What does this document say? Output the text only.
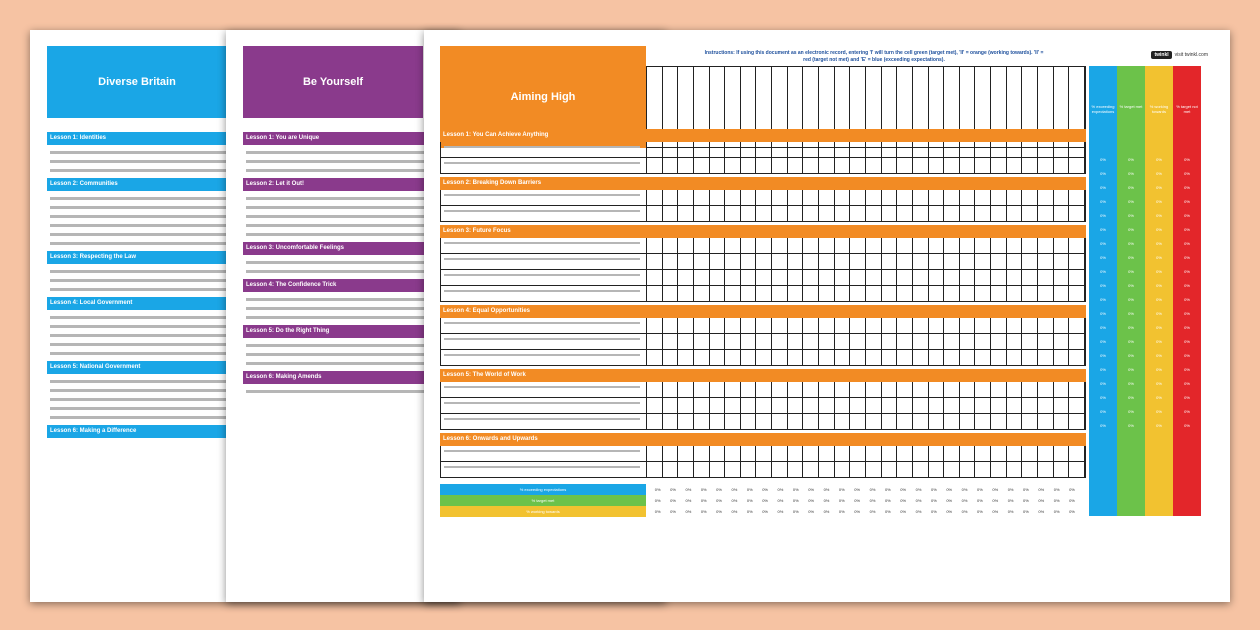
Diverse Britain
Lesson 1: Identities
Lesson 2: Communities
Lesson 3: Respecting the Law
Lesson 4: Local Government
Lesson 5: National Government
Lesson 6: Making a Difference
Be Yourself
Lesson 1: You are Unique
Lesson 2: Let it Out!
Lesson 3: Uncomfortable Feelings
Lesson 4: The Confidence Trick
Lesson 5: Do the Right Thing
Lesson 6: Making Amends
Aiming High
Instructions: If using this document as an electronic record, entering 'I' will turn the cell green (target met), 'II' = orange (working towards). 'II' = red (target not met) and 'E' = blue (exceeding expectations).
twinkl visit twinkl.com
% exceeding expectations
0%
0%
0%
0%
0%
0%
0%
0%
0%
0%
0%
0%
0%
0%
0%
0%
0%
0%
0%
0%
% target met
0%
0%
0%
0%
0%
0%
0%
0%
0%
0%
0%
0%
0%
0%
0%
0%
0%
0%
0%
0%
% working towards
0%
0%
0%
0%
0%
0%
0%
0%
0%
0%
0%
0%
0%
0%
0%
0%
0%
0%
0%
0%
% target not met
0%
0%
0%
0%
0%
0%
0%
0%
0%
0%
0%
0%
0%
0%
0%
0%
0%
0%
0%
0%
Lesson 1: You Can Achieve Anything
Lesson 2: Breaking Down Barriers
Lesson 3: Future Focus
Lesson 4: Equal Opportunities
Lesson 5: The World of Work
Lesson 6: Onwards and Upwards
% exceeding expectations
% target met
% working towards
0% 0% 0% 0% 0% 0% 0% 0% 0% 0% 0% 0% 0% 0% 0% 0% 0% 0% 0% 0% 0% 0% 0% 0% 0% 0% 0% 0%
0% 0% 0% 0% 0% 0% 0% 0% 0% 0% 0% 0% 0% 0% 0% 0% 0% 0% 0% 0% 0% 0% 0% 0% 0% 0% 0% 0%
0% 0% 0% 0% 0% 0% 0% 0% 0% 0% 0% 0% 0% 0% 0% 0% 0% 0% 0% 0% 0% 0% 0% 0% 0% 0% 0% 0%
